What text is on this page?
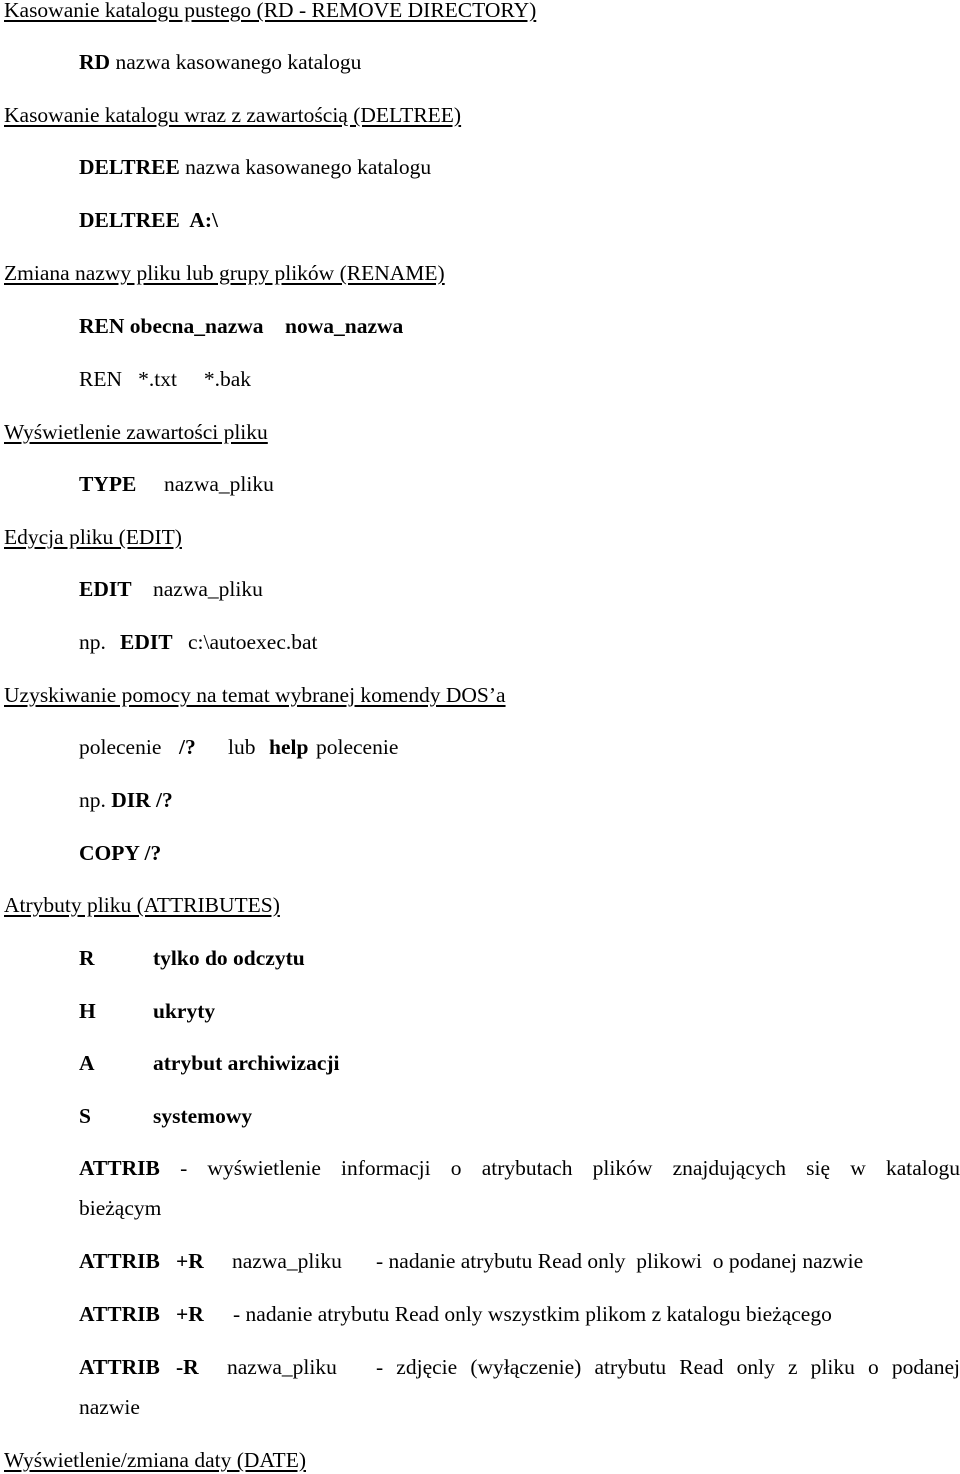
Kasowanie katalogu pustego (RD - REMOVE DIRECTORY)
RD nazwa kasowanego katalogu
Kasowanie katalogu wraz z zawartością (DELTREE)
DELTREE nazwa kasowanego katalogu
DELTREE  A:\
Zmiana nazwy pliku lub grupy plików (RENAME)
REN obecna_nazwa    nowa_nazwa
REN   *.txt     *.bak
Wyświetlenie zawartości pliku
TYPE nazwa_pliku
Edycja pliku (EDIT)
EDIT nazwa_pliku
np. EDIT c:\autoexec.bat
Uzyskiwanie pomocy na temat wybranej komendy DOS’a
polecenie /? lub help polecenie
np. DIR /?
COPY /?
Atrybuty pliku (ATTRIBUTES)
R	tylko do odczytu
H	ukryty
A	atrybut archiwizacji
S	systemowy
ATTRIB - wyświetlenie informacji o atrybutach plików znajdujących się w katalogu
bieżącym
ATTRIB   +R nazwa_pliku - nadanie atrybutu Read only  plikowi  o podanej nazwie
ATTRIB   +R - nadanie atrybutu Read only wszystkim plikom z katalogu bieżącego
ATTRIB   -R nazwa_pliku - zdjęcie (wyłączenie) atrybutu Read only z pliku o podanej
nazwie
Wyświetlenie/zmiana daty (DATE)
